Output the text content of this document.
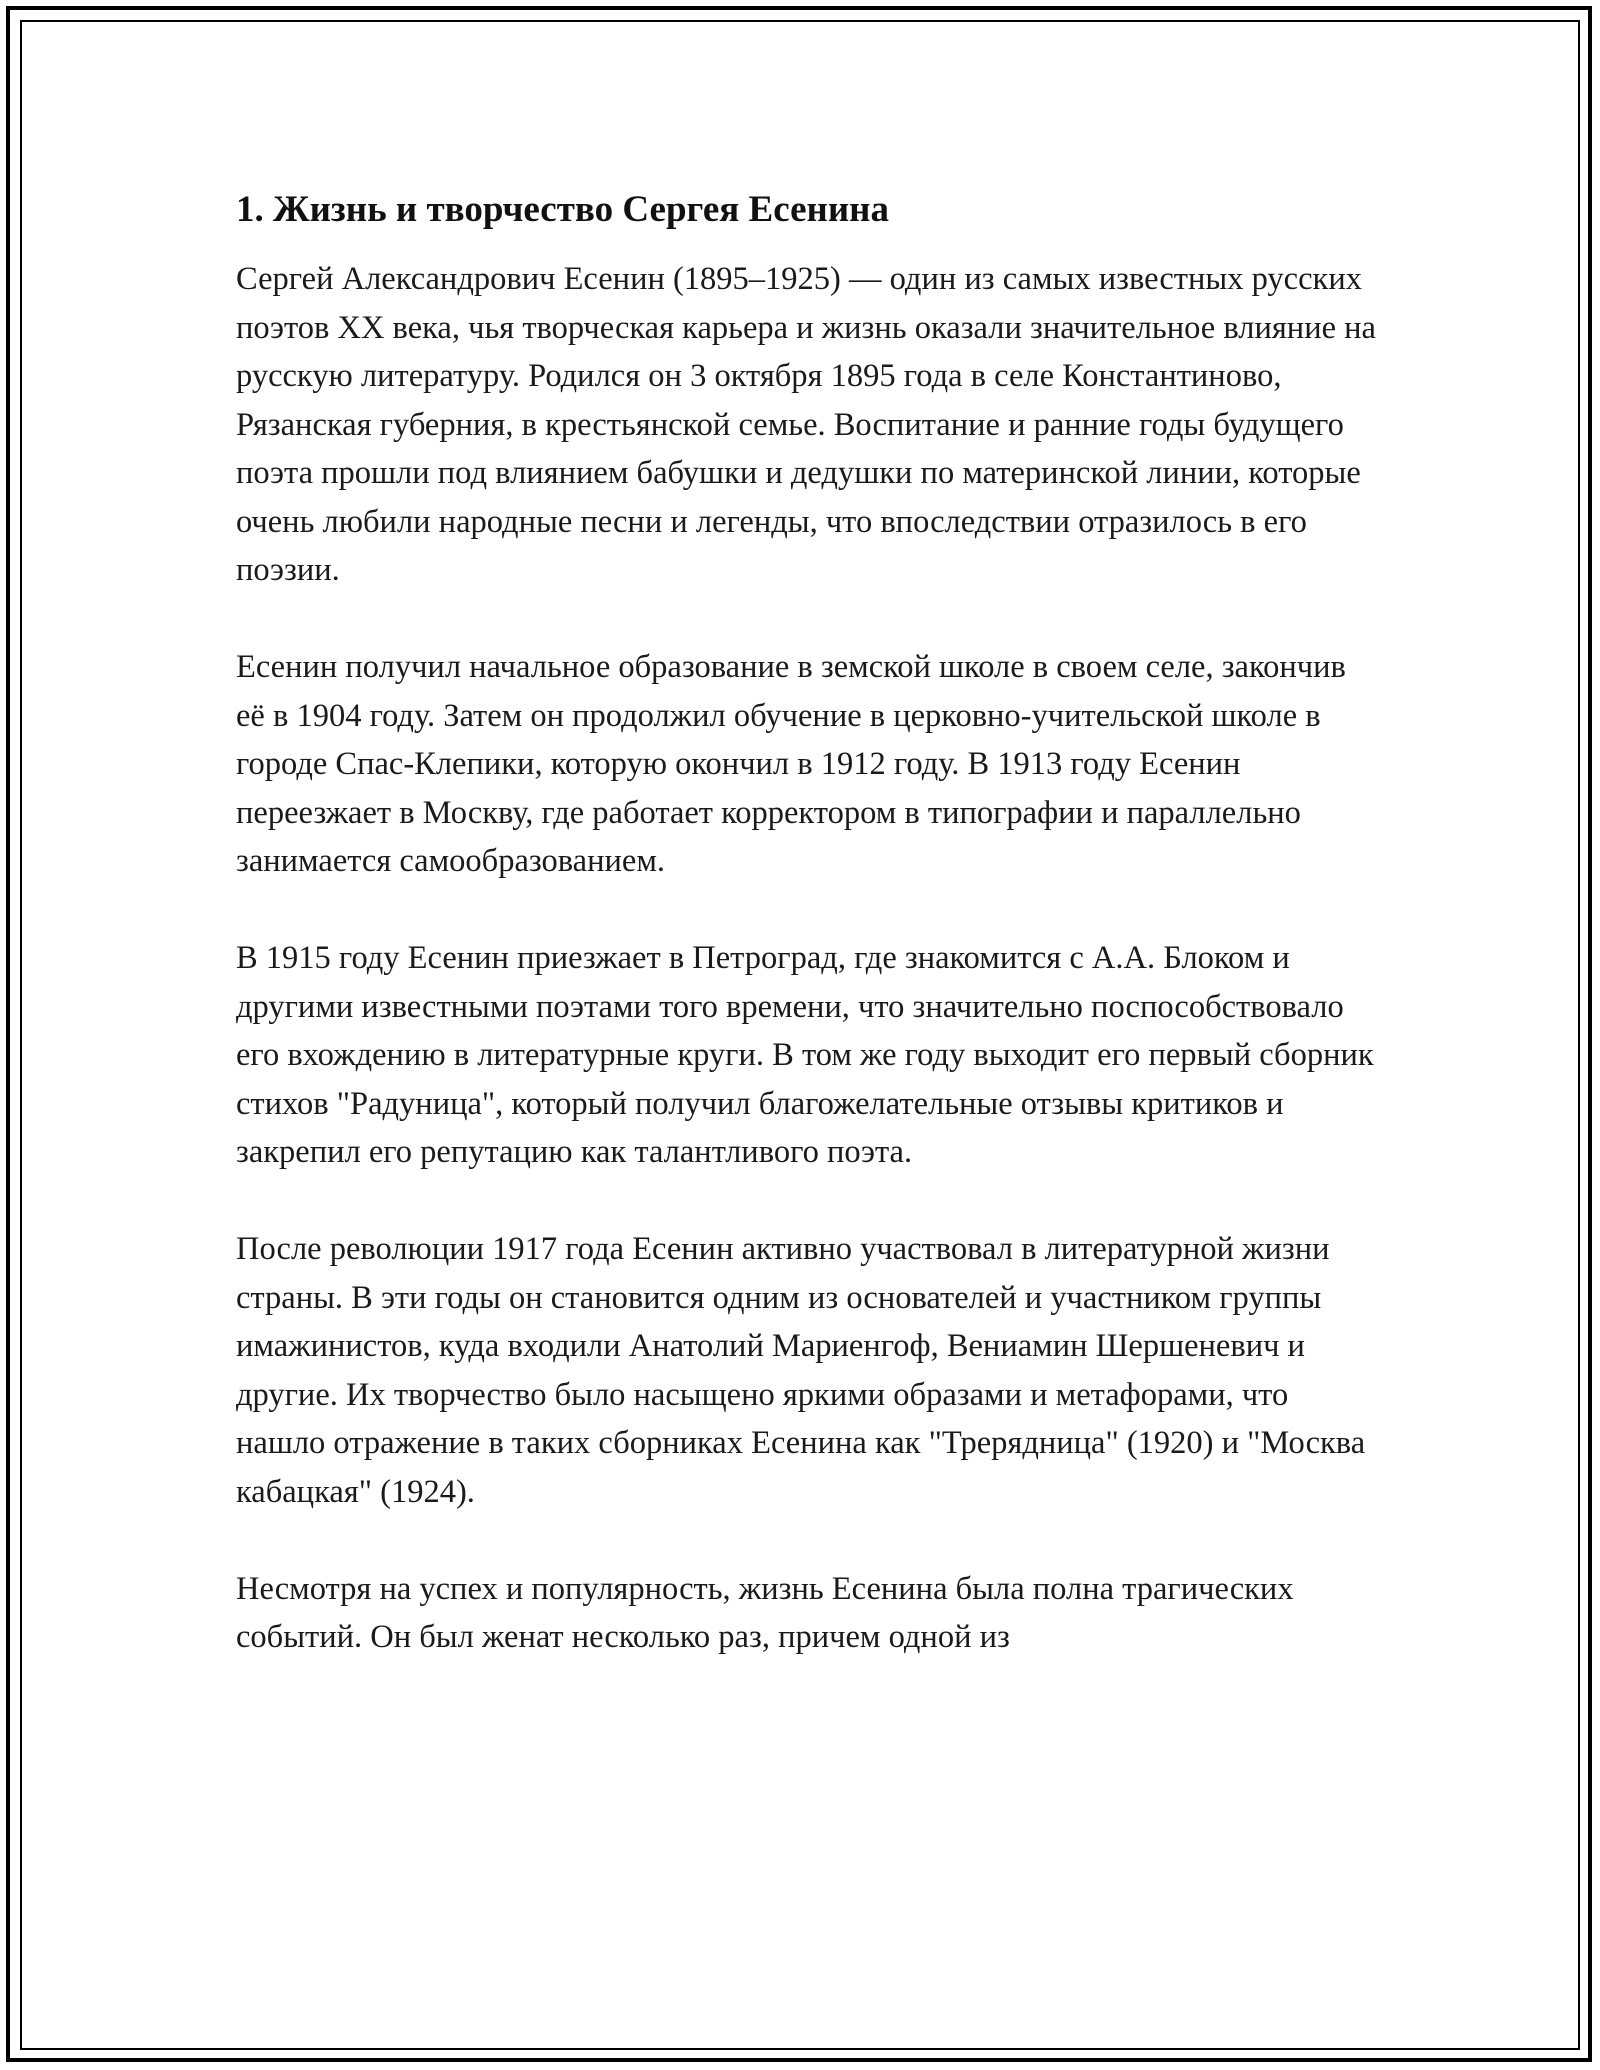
1. Жизнь и творчество Сергея Есенина

Сергей Александрович Есенин (1895–1925) — один из самых известных русских поэтов XX века, чья творческая карьера и жизнь оказали значительное влияние на русскую литературу. Родился он 3 октября 1895 года в селе Константиново, Рязанская губерния, в крестьянской семье. Воспитание и ранние годы будущего поэта прошли под влиянием бабушки и дедушки по материнской линии, которые очень любили народные песни и легенды, что впоследствии отразилось в его поэзии.

Есенин получил начальное образование в земской школе в своем селе, закончив её в 1904 году. Затем он продолжил обучение в церковно-учительской школе в городе Спас-Клепики, которую окончил в 1912 году. В 1913 году Есенин переезжает в Москву, где работает корректором в типографии и параллельно занимается самообразованием.

В 1915 году Есенин приезжает в Петроград, где знакомится с А.А. Блоком и другими известными поэтами того времени, что значительно поспособствовало его вхождению в литературные круги. В том же году выходит его первый сборник стихов "Радуница", который получил благожелательные отзывы критиков и закрепил его репутацию как талантливого поэта.

После революции 1917 года Есенин активно участвовал в литературной жизни страны. В эти годы он становится одним из основателей и участником группы имажинистов, куда входили Анатолий Мариенгоф, Вениамин Шершеневич и другие. Их творчество было насыщено яркими образами и метафорами, что нашло отражение в таких сборниках Есенина как "Трерядница" (1920) и "Москва кабацкая" (1924).

Несмотря на успех и популярность, жизнь Есенина была полна трагических событий. Он был женат несколько раз, причем одной из
